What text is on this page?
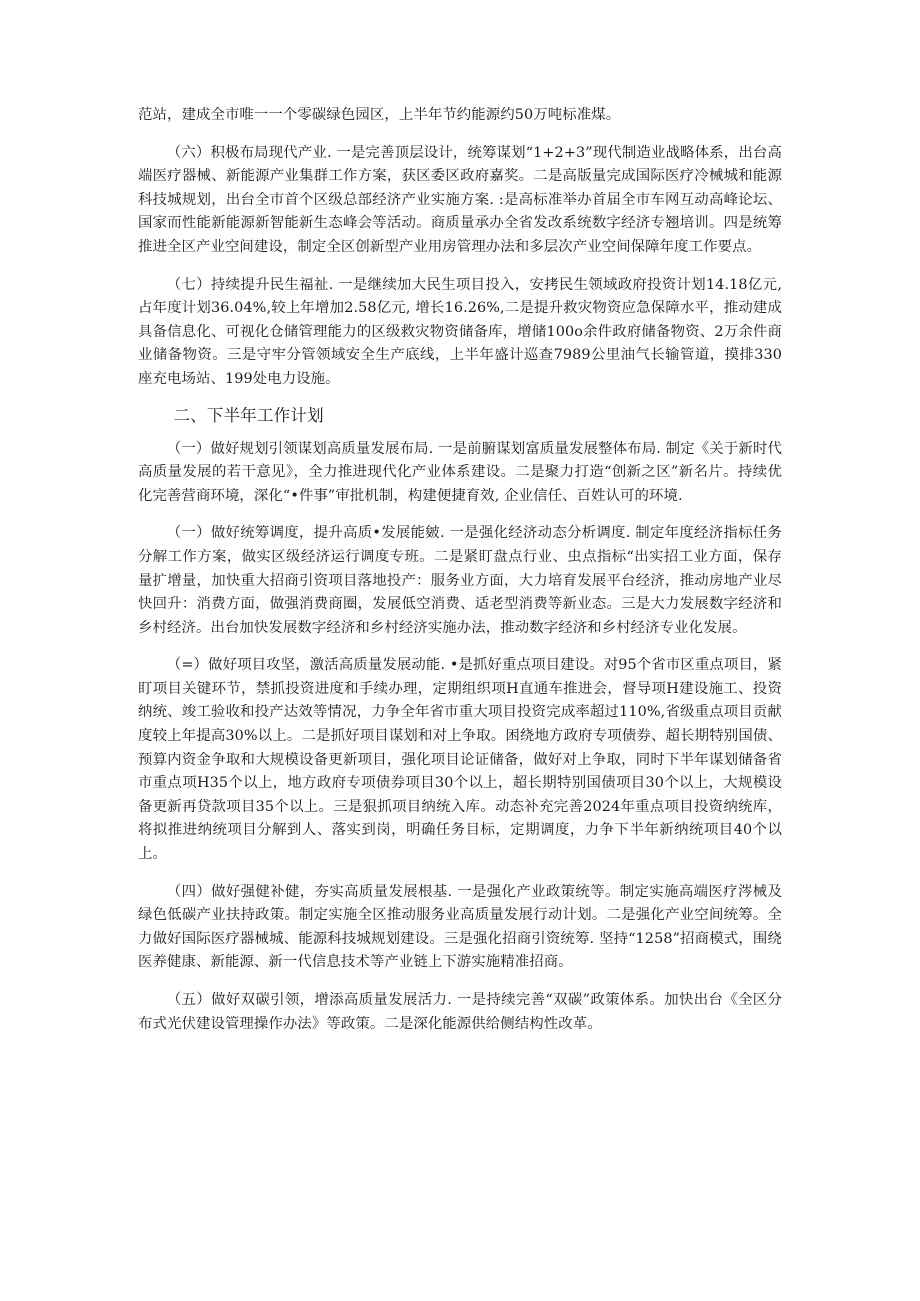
范站，建成全市唯一一个零碳绿色园区，上半年节约能源约50万吨标准煤。

（六）积极布局现代产业. 一是完善顶层设计，统筹谋划“1+2+3”现代制造业战略体系，出台高端医疗器械、新能源产业集群工作方案，获区委区政府嘉奖。二是高版量完成国际医疗冷械城和能源科技城规划，出台全市首个区级总部经济产业实施方案. :是高标准举办首届全市车网互动高峰论坛、国家而性能新能源新智能新生态峰会等活动。商质量承办全省发改系统数字经济专翘培训。四是统筹推进全区产业空间建设，制定全区创新型产业用房管理办法和多层次产业空间保障年度工作要点。

（七）持续提升民生福祉. 一是继续加大民生项目投入，安拷民生领域政府投资计划14.18亿元, 占年度计划36.04%,较上年增加2.58亿元, 增长16.26%,二是提升救灾物资应急保障水平，推动建成具备信息化、可视化仓储管理能力的区级救灾物资储备库，增储100o余件政府储备物资、2万余件商业储备物资。三是守牢分管领域安全生产底线，上半年盛计巡查7989公里油气长输管道，摸排330座充电场站、199处电力设施。

二、下半年工作计划

（一）做好规划引领谋划高质量发展布局. 一是前腑谋划富质量发展整体布局. 制定《关于新时代高质量发展的若干意见》，全力推进现代化产业体系建设。二是聚力打造“创新之区”新名片。持续优化完善营商环境，深化“•件事”审批机制，构建便捷育效, 企业信任、百姓认可的环境.

（一）做好统筹调度，提升高质•发展能皴. 一是强化经济动态分析调度. 制定年度经济指标任务分解工作方案，做实区级经济运行调度专班。二是紧盯盘点行业、虫点指标“出实招工业方面，保存量扩增量，加快重大招商引资项目落地投产：服务业方面，大力培育发展平台经济，推动房地产业尽快回升：消费方面，做强消费商圈，发展低空消费、适老型消费等新业态。三是大力发展数字经济和乡村经济。出台加快发展数字经济和乡村经济实施办法，推动数字经济和乡村经济专业化发展。

（=）做好项目攻坚，激活高质量发展动能. •是抓好重点项目建设。对95个省市区重点项目，紧盯项目关键环节，禁抓投资进度和手续办理，定期组织项H直通车推进会，督导项H建设施工、投资纳统、竣工验收和投产达效等情况，力争全年省市重大项目投资完成率超过110%,省级重点项目贡献度较上年提高30%以上。二是抓好项目谋划和对上争取。困绕地方政府专项债券、超长期特别国债、预算内资金争取和大规模设备更新项目，强化项目论证储备，做好对上争取，同时下半年谋划储备省市重点项H35个以上，地方政府专项债券项目30个以上，超长期特别国债项目30个以上，大规模设备更新再贷款项目35个以上。三是狠抓项目纳统入库。动态补充完善2024年重点项目投资纳统库，将拟推进纳统项目分解到人、落实到岗，明确任务目标，定期调度，力争下半年新纳统项目40个以上。

（四）做好强健补健，夯实高质量发展根基. 一是强化产业政策统等。制定实施高端医疗涔械及绿色低碳产业扶持政策。制定实施全区推动服务业高质量发展行动计划。二是强化产业空间统筹。全力做好国际医疗器械城、能源科技城规划建设。三是强化招商引资统筹. 坚持“1258”招商模式，围绕医养健康、新能源、新一代信息技术等产业链上下游实施精准招商。

（五）做好双碳引领，增添高质量发展活力. 一是持续完善“双碳”政策体系。加快出台《全区分布式光伏建设管理操作办法》等政策。二是深化能源供给侧结构性改革。
